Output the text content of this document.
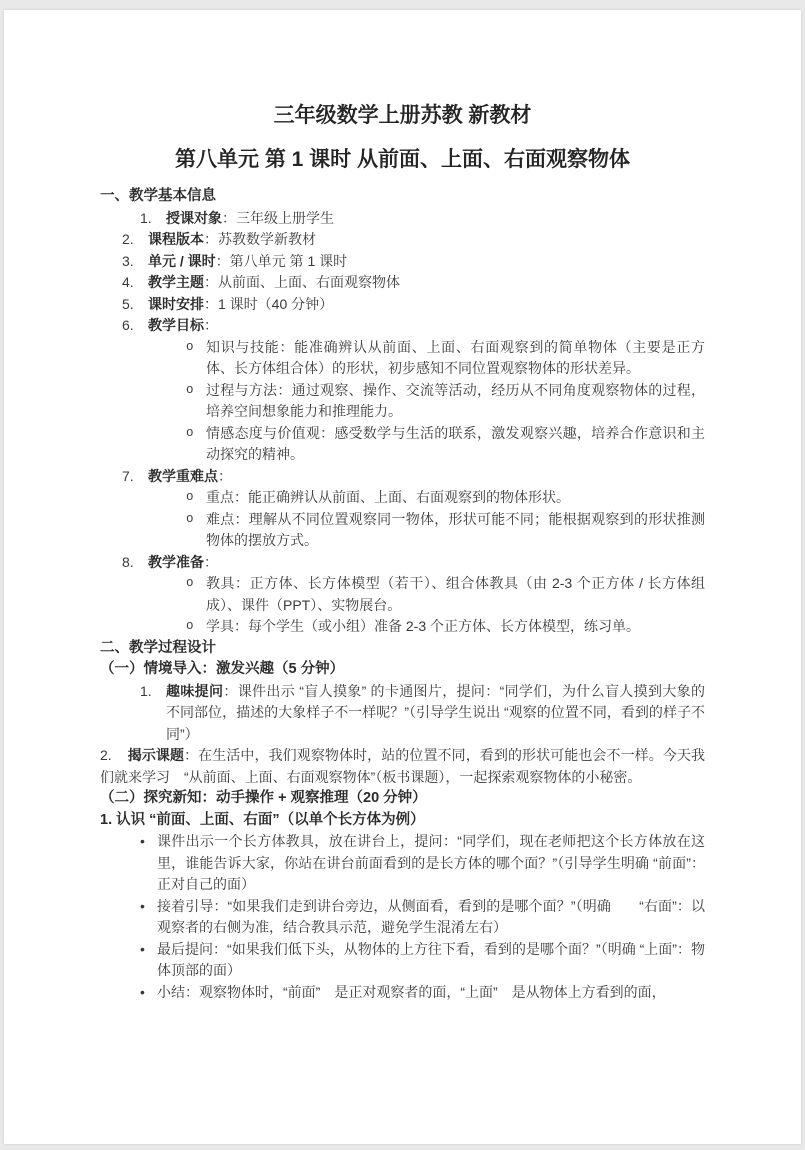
三年级数学上册苏教 新教材
第八单元 第 1 课时 从前面、上面、右面观察物体
一、教学基本信息
1.	授课对象：三年级上册学生
2.	课程版本：苏教数学新教材
3.	单元 / 课时：第八单元 第 1 课时
4.	教学主题：从前面、上面、右面观察物体
5.	课时安排：1 课时（40 分钟）
6.	教学目标：
o 知识与技能：能准确辨认从前面、上面、右面观察到的简单物体（主要是正方体、长方体组合体）的形状，初步感知不同位置观察物体的形状差异。
o 过程与方法：通过观察、操作、交流等活动，经历从不同角度观察物体的过程，培养空间想象能力和推理能力。
o 情感态度与价值观：感受数学与生活的联系，激发观察兴趣，培养合作意识和主动探究的精神。
7.	教学重难点：
o 重点：能正确辨认从前面、上面、右面观察到的物体形状。
o 难点：理解从不同位置观察同一物体，形状可能不同；能根据观察到的形状推测物体的摆放方式。
8.	教学准备：
o 教具：正方体、长方体模型（若干）、组合体教具（由 2-3 个正方体 / 长方体组成）、课件（PPT）、实物展台。
o 学具：每个学生（或小组）准备 2-3 个正方体、长方体模型，练习单。
二、教学过程设计
（一）情境导入：激发兴趣（5 分钟）
1.	趣味提问：课件出示 “盲人摸象” 的卡通图片，提问：“同学们，为什么盲人摸到大象的不同部位，描述的大象样子不一样呢？”（引导学生说出 “观察的位置不同，看到的样子不同”）

2. 揭示课题：在生活中，我们观察物体时，站的位置不同，看到的形状可能也会不一样。今天我们就来学习　“从前面、上面、右面观察物体”（板书课题），一起探索观察物体的小秘密。

（二）探究新知：动手操作 + 观察推理（20 分钟）
1. 认识 “前面、上面、右面”（以单个长方体为例）
• 课件出示一个长方体教具，放在讲台上，提问：“同学们，现在老师把这个长方体放在这里，谁能告诉大家，你站在讲台前面看到的是长方体的哪个面？”（引导学生明确 “前面”：正对自己的面）
• 接着引导：“如果我们走到讲台旁边，从侧面看，看到的是哪个面？”（明确　　“右面”：以观察者的右侧为准，结合教具示范，避免学生混淆左右）
• 最后提问：“如果我们低下头，从物体的上方往下看，看到的是哪个面？”（明确 “上面”：物体顶部的面）
• 小结：观察物体时，“前面”　是正对观察者的面，“上面”　是从物体上方看到的面，
